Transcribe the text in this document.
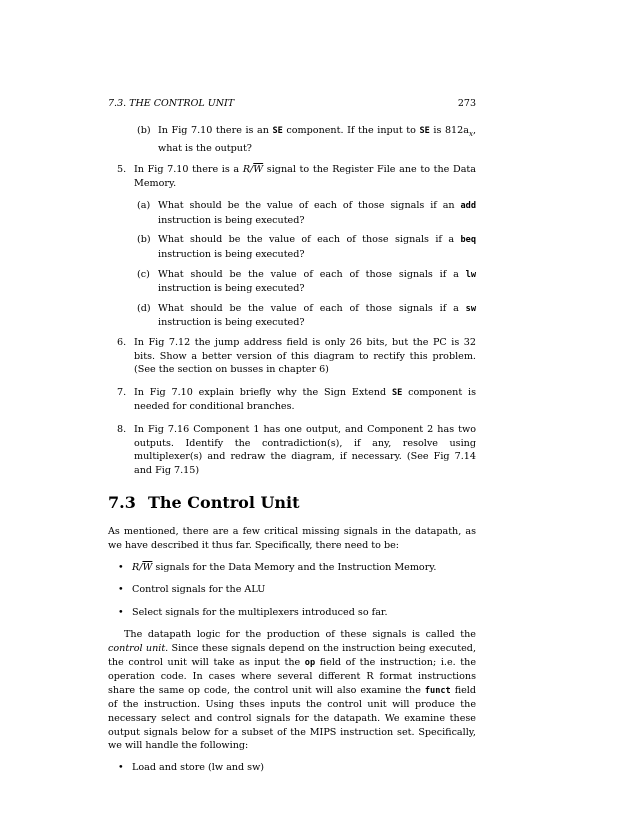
7.3. THE CONTROL UNIT	273
(b) In Fig 7.10 there is an SE component. If the input to SE is $812a_x$, what is the output?
5. In Fig 7.10 there is a $R/\overline{W}$ signal to the Register File ane to the Data Memory.
(a) What should be the value of each of those signals if an add instruction is being executed?
(b) What should be the value of each of those signals if a beq instruction is being executed?
(c) What should be the value of each of those signals if a lw instruction is being executed?
(d) What should be the value of each of those signals if a sw instruction is being executed?
6. In Fig 7.12 the jump address field is only 26 bits, but the PC is 32 bits. Show a better version of this diagram to rectify this problem. (See the section on busses in chapter 6)
7. In Fig 7.10 explain briefly why the Sign Extend SE component is needed for conditional branches.
8. In Fig 7.16 Component 1 has one output, and Component 2 has two outputs. Identify the contradiction(s), if any, resolve using multiplexer(s) and redraw the diagram, if necessary. (See Fig 7.14 and Fig 7.15)
7.3 The Control Unit

As mentioned, there are a few critical missing signals in the datapath, as we have described it thus far. Specifically, there need to be:

• $R/\overline{W}$ signals for the Data Memory and the Instruction Memory.
• Control signals for the ALU
• Select signals for the multiplexers introduced so far.

The datapath logic for the production of these signals is called the control unit. Since these signals depend on the instruction being executed, the control unit will take as input the op field of the instruction; i.e. the operation code. In cases where several different R format instructions share the same op code, the control unit will also examine the funct field of the instruction. Using thses inputs the control unit will produce the necessary select and control signals for the datapath. We examine these output signals below for a subset of the MIPS instruction set. Specifically, we will handle the following:

• Load and store (lw and sw)
